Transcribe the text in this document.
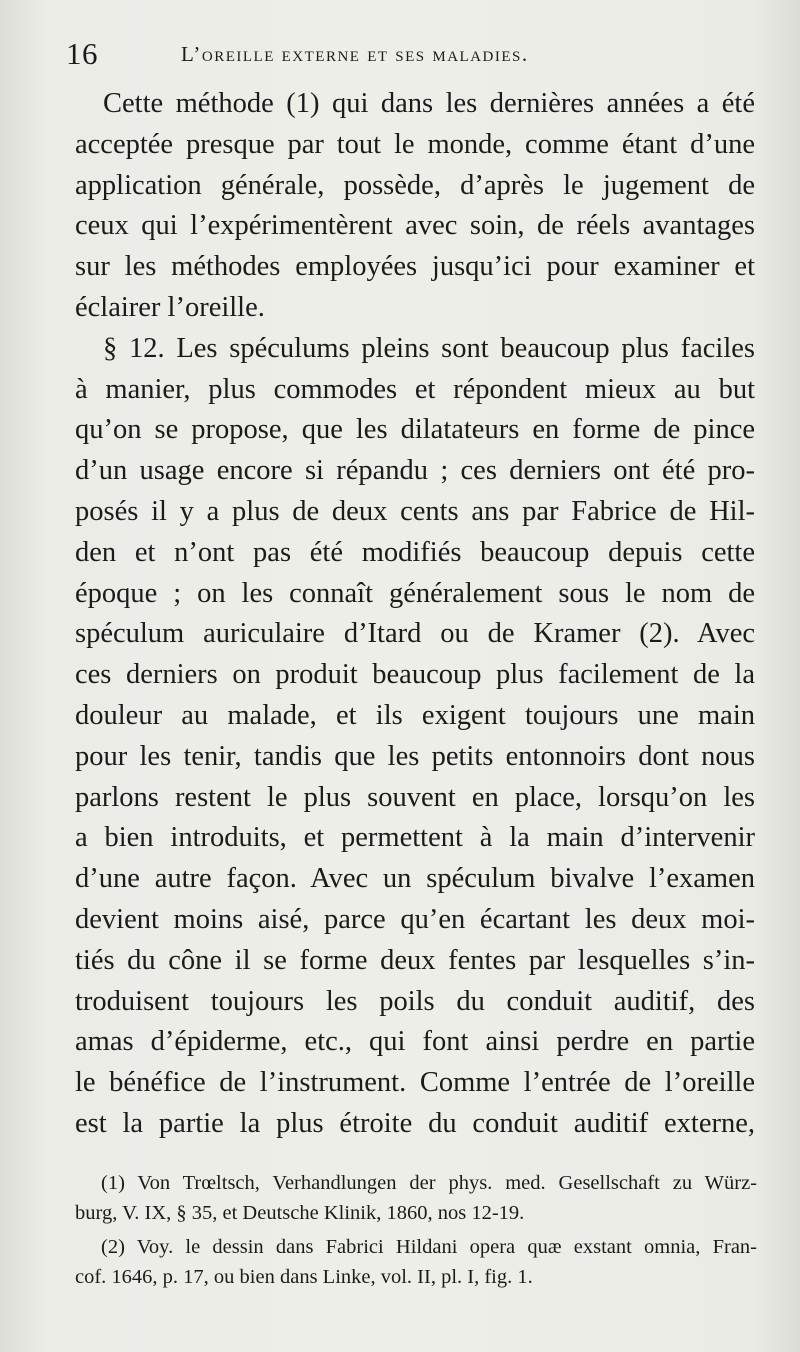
16	L’oreille externe et ses maladies.
Cette méthode (1) qui dans les dernières années a été
acceptée presque par tout le monde, comme étant d’une
application générale, possède, d’après le jugement de
ceux qui l’expérimentèrent avec soin, de réels avantages
sur les méthodes employées jusqu’ici pour examiner et
éclairer l’oreille.
§ 12. Les spéculums pleins sont beaucoup plus faciles
à manier, plus commodes et répondent mieux au but
qu’on se propose, que les dilatateurs en forme de pince
d’un usage encore si répandu ; ces derniers ont été pro-
posés il y a plus de deux cents ans par Fabrice de Hil-
den et n’ont pas été modifiés beaucoup depuis cette
époque ; on les connaît généralement sous le nom de
spéculum auriculaire d’Itard ou de Kramer (2). Avec
ces derniers on produit beaucoup plus facilement de la
douleur au malade, et ils exigent toujours une main
pour les tenir, tandis que les petits entonnoirs dont nous
parlons restent le plus souvent en place, lorsqu’on les
a bien introduits, et permettent à la main d’intervenir
d’une autre façon. Avec un spéculum bivalve l’examen
devient moins aisé, parce qu’en écartant les deux moi-
tiés du cône il se forme deux fentes par lesquelles s’in-
troduisent toujours les poils du conduit auditif, des
amas d’épiderme, etc., qui font ainsi perdre en partie
le bénéfice de l’instrument. Comme l’entrée de l’oreille
est la partie la plus étroite du conduit auditif externe,
(1) Von Trœltsch, Verhandlungen der phys. med. Gesellschaft zu Würz-
burg, V. IX, § 35, et Deutsche Klinik, 1860, nos 12-19.
(2) Voy. le dessin dans Fabrici Hildani opera quæ exstant omnia, Fran-
cof. 1646, p. 17, ou bien dans Linke, vol. II, pl. I, fig. 1.
